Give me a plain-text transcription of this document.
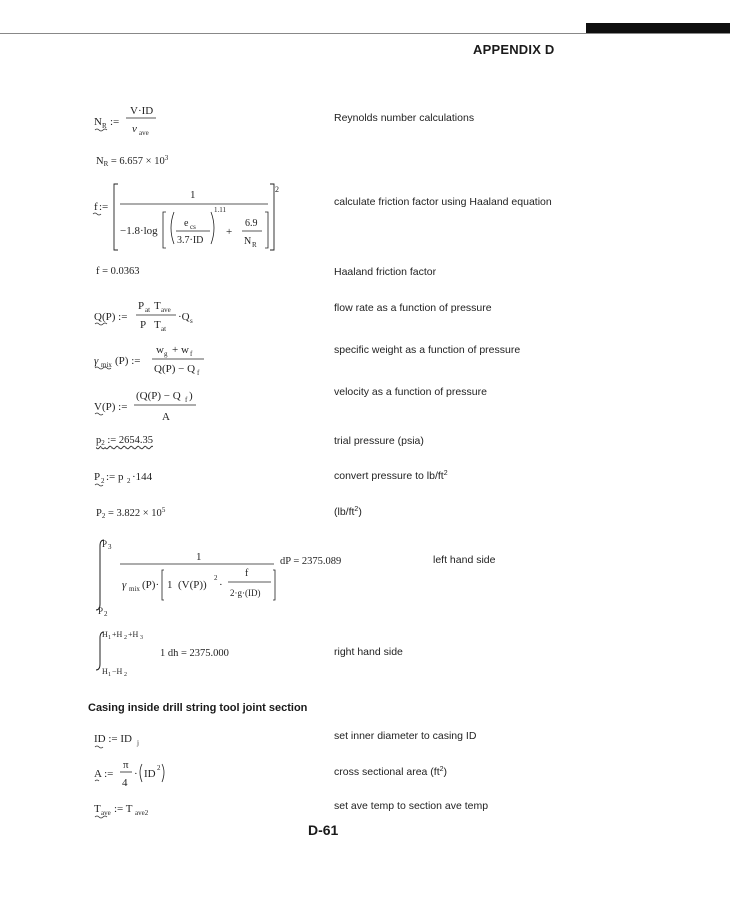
APPENDIX D
N R :=
V·ID
ν ave
Reynolds number calculations
$N_R = 6.657 \times 10^3$
f :=
2
1
−1.8·log
e cs
3.7·ID
1.11
+
6.9
N R
calculate friction factor using Haaland equation
f = 0.0363	Haaland friction factor
Q(P) :=
P at T ave
P T at
·Q s
flow rate as a function of pressure
γ mix (P) :=
w g + w f
Q(P) − Q f
specific weight as a function of pressure
V(P) :=
(Q(P) − Q f )
A
velocity as a function of pressure
$p_2$ := 2654.35	trial pressure (psia)
P 2 := p 2 ·144	convert pressure to $lb/ft^2$
$P_2 = 3.822 \times 10^5$	$(lb/ft^2)$
P 3
P 2
1
γ mix (P)· 1 (V(P))
2
·
f
2·g·(ID)
dP = 2375.089	left hand side
H 1 +H 2 +H 3
H 1 −H 2
1 dh = 2375.000	right hand side
Casing inside drill string tool joint section
ID := ID j
set inner diameter to casing ID
A :=
π
4
· ID 2	cross sectional area $(ft^2)$
T ave := T ave2
set ave temp to section ave temp
D-61
